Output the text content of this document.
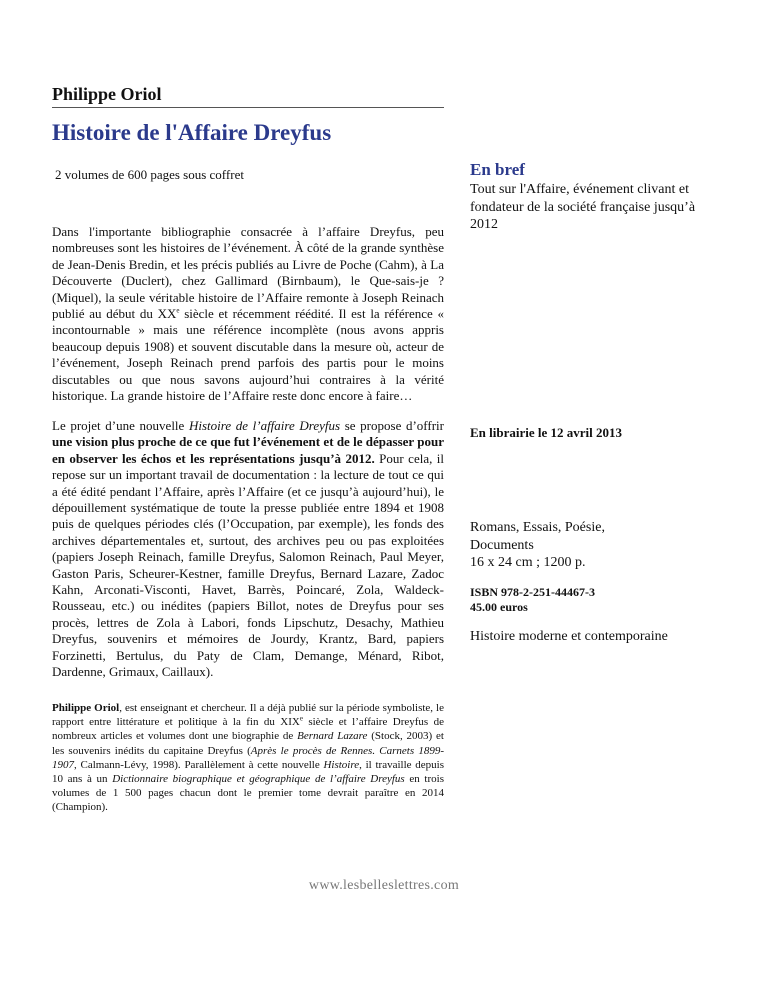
Philippe Oriol
Histoire de l'Affaire Dreyfus
2 volumes de 600 pages sous coffret
Dans l'importante bibliographie consacrée à l’affaire Dreyfus, peu nombreuses sont les histoires de l’événement. À côté de la grande synthèse de Jean-Denis Bredin, et les précis publiés au Livre de Poche (Cahm), à La Découverte (Duclert), chez Gallimard (Birnbaum), le Que-sais-je ? (Miquel), la seule véritable histoire de l’Affaire remonte à Joseph Reinach publié au début du XXe siècle et récemment réédité. Il est la référence « incontournable » mais une référence incomplète (nous avons appris beaucoup depuis 1908) et souvent discutable dans la mesure où, acteur de l’événement, Joseph Reinach prend parfois des partis pour le moins discutables ou que nous savons aujourd’hui contraires à la vérité historique. La grande histoire de l’Affaire reste donc encore à faire…
Le projet d’une nouvelle Histoire de l’affaire Dreyfus se propose d’offrir une vision plus proche de ce que fut l’événement et de le dépasser pour en observer les échos et les représentations jusqu’à 2012. Pour cela, il repose sur un important travail de documentation : la lecture de tout ce qui a été édité pendant l’Affaire, après l’Affaire (et ce jusqu’à aujourd’hui), le dépouillement systématique de toute la presse publiée entre 1894 et 1908 puis de quelques périodes clés (l’Occupation, par exemple), les fonds des archives départementales et, surtout, des archives peu ou pas exploitées (papiers Joseph Reinach, famille Dreyfus, Salomon Reinach, Paul Meyer, Gaston Paris, Scheurer-Kestner, famille Dreyfus, Bernard Lazare, Zadoc Kahn, Arconati-Visconti, Havet, Barrès, Poincaré, Zola, Waldeck-Rousseau, etc.) ou inédites (papiers Billot, notes de Dreyfus pour ses procès, lettres de Zola à Labori, fonds Lipschutz, Desachy, Mathieu Dreyfus, souvenirs et mémoires de Jourdy, Krantz, Bard, papiers Forzinetti, Bertulus, du Paty de Clam, Demange, Ménard, Ribot, Dardenne, Grimaux, Caillaux).
Philippe Oriol, est enseignant et chercheur. Il a déjà publié sur la période symboliste, le rapport entre littérature et politique à la fin du XIXe siècle et l’affaire Dreyfus de nombreux articles et volumes dont une biographie de Bernard Lazare (Stock, 2003) et les souvenirs inédits du capitaine Dreyfus (Après le procès de Rennes. Carnets 1899-1907, Calmann-Lévy, 1998). Parallèlement à cette nouvelle Histoire, il travaille depuis 10 ans à un Dictionnaire biographique et géographique de l’affaire Dreyfus en trois volumes de 1 500 pages chacun dont le premier tome devrait paraître en 2014 (Champion).
En bref
Tout sur l'Affaire, événement clivant et fondateur de la société française jusqu’à 2012
En librairie le 12 avril 2013
Romans, Essais, Poésie,
Documents
16 x 24 cm ; 1200 p.
ISBN 978-2-251-44467-3
45.00 euros
Histoire moderne et contemporaine
www.lesbelleslettres.com
